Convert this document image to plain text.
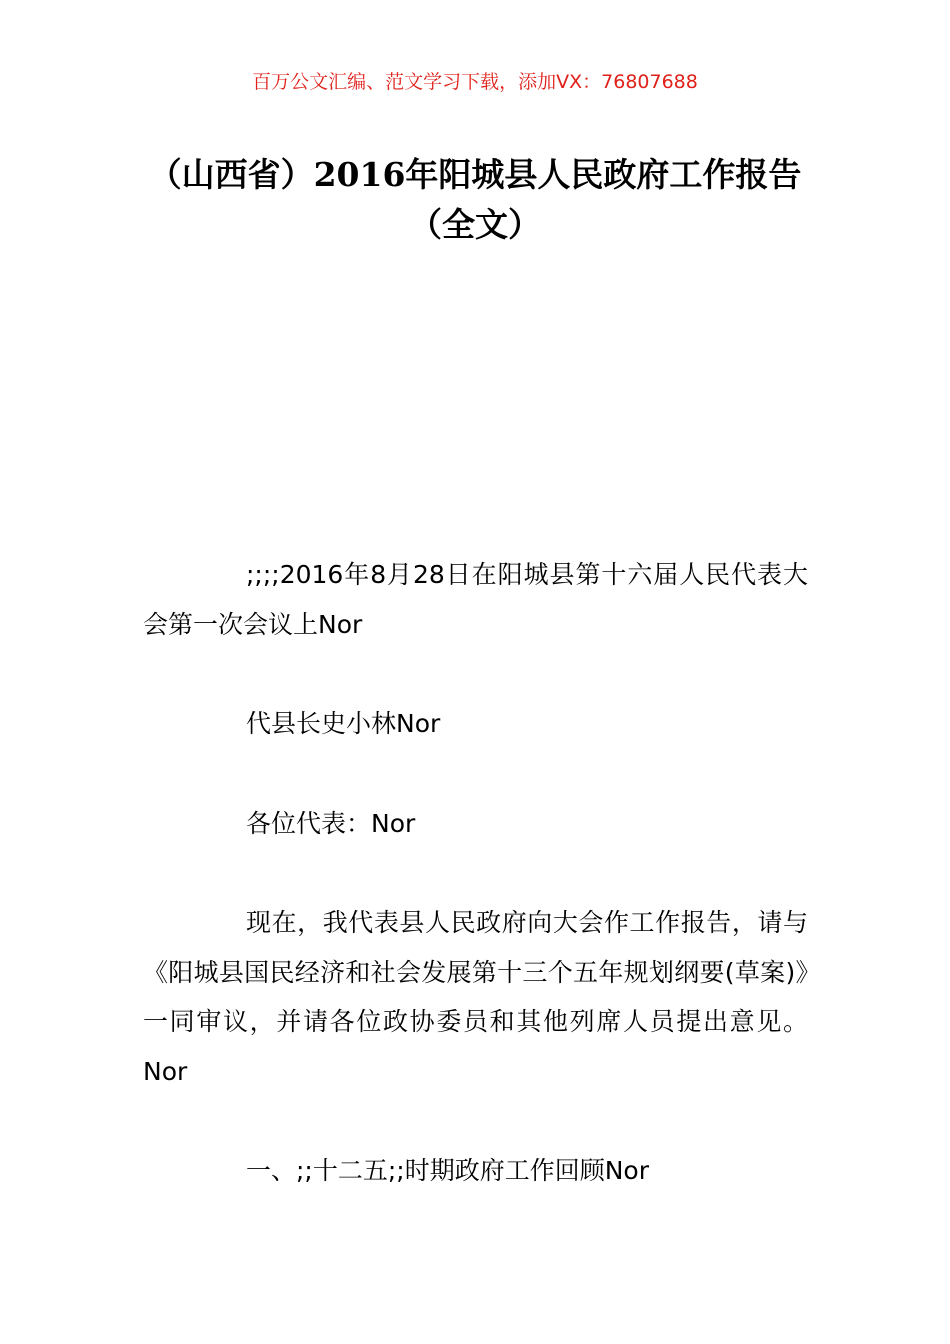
百万公文汇编、范文学习下载，添加VX：76807688
（山西省）2016年阳城县人民政府工作报告（全文）

;;;;2016年8月28日在阳城县第十六届人民代表大会第一次会议上Nor

代县长史小林Nor

各位代表：Nor

现在，我代表县人民政府向大会作工作报告，请与《阳城县国民经济和社会发展第十三个五年规划纲要(草案)》一同审议，并请各位政协委员和其他列席人员提出意见。Nor

一、;;十二五;;时期政府工作回顾Nor
